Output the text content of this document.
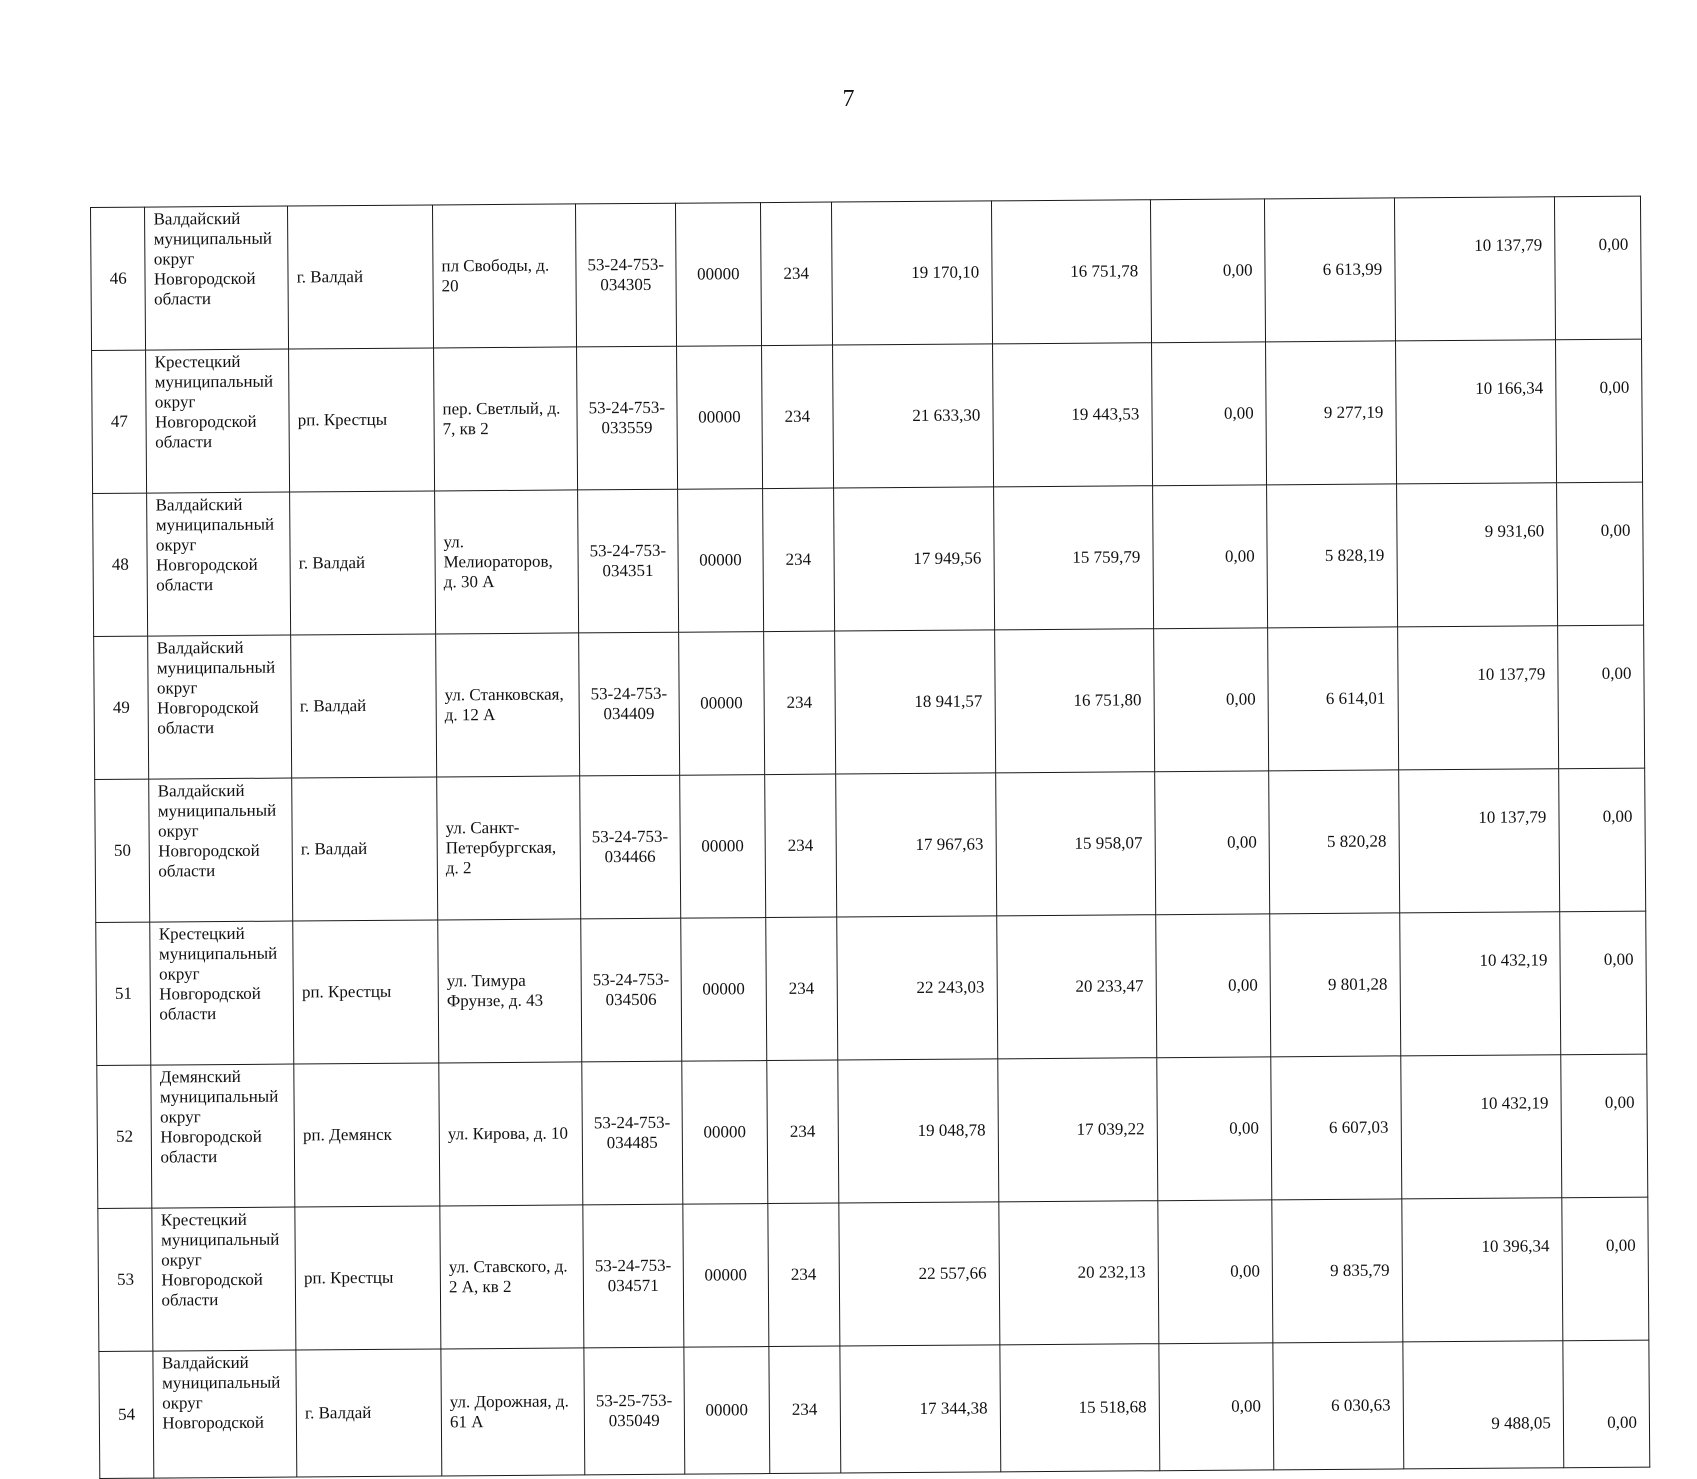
7
46	Валдайский муниципальный округ Новгородской области	г. Валдай	пл Свободы, д. 20	53-24-753-034305	00000	234	19 170,10	16 751,78	0,00	6 613,99	10 137,79	0,00
47	Крестецкий муниципальный округ Новгородской области	рп. Крестцы	пер. Светлый, д. 7, кв 2	53-24-753-033559	00000	234	21 633,30	19 443,53	0,00	9 277,19	10 166,34	0,00
48	Валдайский муниципальный округ Новгородской области	г. Валдай	ул. Мелиораторов, д. 30 А	53-24-753-034351	00000	234	17 949,56	15 759,79	0,00	5 828,19	9 931,60	0,00
49	Валдайский муниципальный округ Новгородской области	г. Валдай	ул. Станковская, д. 12 А	53-24-753-034409	00000	234	18 941,57	16 751,80	0,00	6 614,01	10 137,79	0,00
50	Валдайский муниципальный округ Новгородской области	г. Валдай	ул. Санкт-Петербургская, д. 2	53-24-753-034466	00000	234	17 967,63	15 958,07	0,00	5 820,28	10 137,79	0,00
51	Крестецкий муниципальный округ Новгородской области	рп. Крестцы	ул. Тимура Фрунзе, д. 43	53-24-753-034506	00000	234	22 243,03	20 233,47	0,00	9 801,28	10 432,19	0,00
52	Демянский муниципальный округ Новгородской области	рп. Демянск	ул. Кирова, д. 10	53-24-753-034485	00000	234	19 048,78	17 039,22	0,00	6 607,03	10 432,19	0,00
53	Крестецкий муниципальный округ Новгородской области	рп. Крестцы	ул. Ставского, д. 2 А, кв 2	53-24-753-034571	00000	234	22 557,66	20 232,13	0,00	9 835,79	10 396,34	0,00
54	Валдайский муниципальный округ Новгородской	г. Валдай	ул. Дорожная, д. 61 А	53-25-753-035049	00000	234	17 344,38	15 518,68	0,00	6 030,63	9 488,05	0,00
